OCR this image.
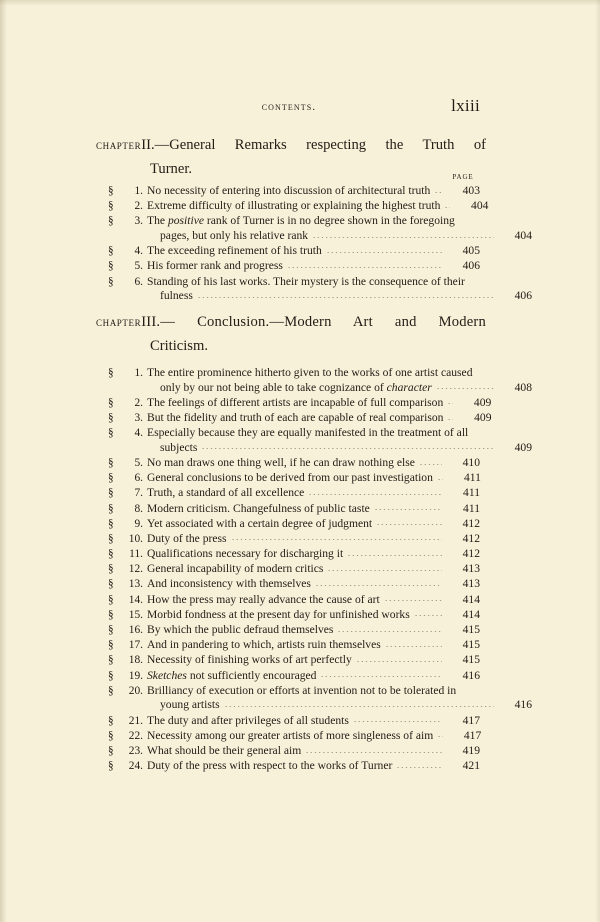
contents.	lxiii
chapterII.—General Remarks respecting the Truth of
Turner.	page
§	1. No necessity of entering into discussion of architectural truth	403
§	2. Extreme difficulty of illustrating or explaining the highest truth	404
§	3. The positive rank of Turner is in no degree shown in the foregoing
pages, but only his relative rank	404
§	4. The exceeding refinement of his truth	405
§	5. His former rank and progress	406
§	6. Standing of his last works. Their mystery is the consequence of their
fulness	406
chapterIII.— Conclusion.—Modern Art and Modern
Criticism.
§	1. The entire prominence hitherto given to the works of one artist caused
only by our not being able to take cognizance of character	408
§	2. The feelings of different artists are incapable of full comparison	409
§	3. But the fidelity and truth of each are capable of real comparison	409
§	4. Especially because they are equally manifested in the treatment of all
subjects	409
§	5. No man draws one thing well, if he can draw nothing else	410
§	6. General conclusions to be derived from our past investigation	411
§	7. Truth, a standard of all excellence	411
§	8. Modern criticism. Changefulness of public taste	411
§	9. Yet associated with a certain degree of judgment	412
§	10. Duty of the press	412
§	11. Qualifications necessary for discharging it	412
§	12. General incapability of modern critics	413
§	13. And inconsistency with themselves	413
§	14. How the press may really advance the cause of art	414
§	15. Morbid fondness at the present day for unfinished works	414
§	16. By which the public defraud themselves	415
§	17. And in pandering to which, artists ruin themselves	415
§	18. Necessity of finishing works of art perfectly	415
§	19. Sketches not sufficiently encouraged	416
§	20. Brilliancy of execution or efforts at invention not to be tolerated in
young artists	416
§	21. The duty and after privileges of all students	417
§	22. Necessity among our greater artists of more singleness of aim	417
§	23. What should be their general aim	419
§	24. Duty of the press with respect to the works of Turner	421
